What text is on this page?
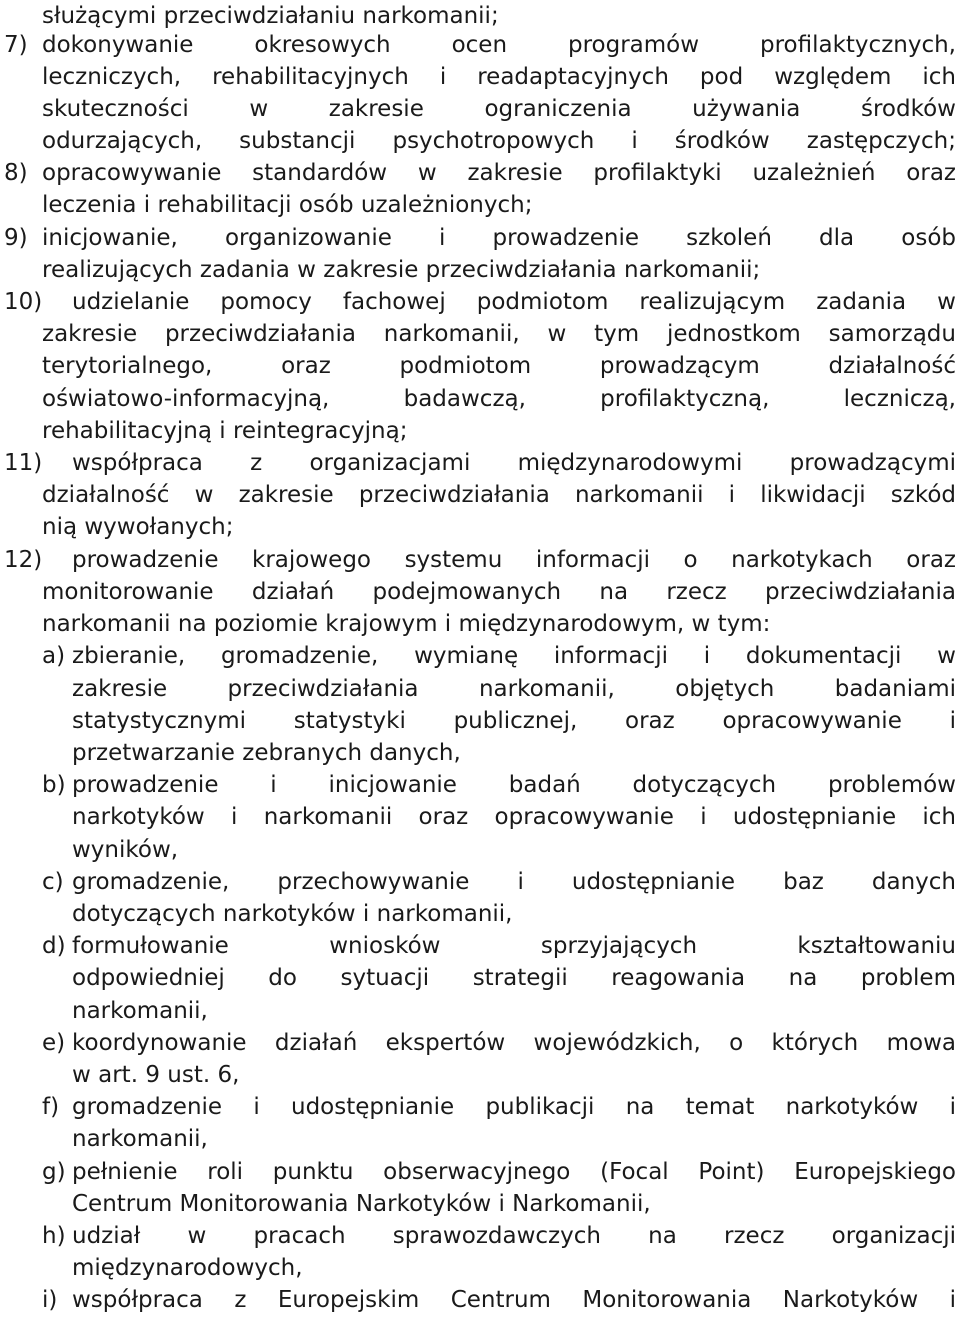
służącymi przeciwdziałaniu narkomanii;
7) dokonywanie okresowych ocen programów profilaktycznych,
leczniczych, rehabilitacyjnych i readaptacyjnych pod względem ich
skuteczności w zakresie ograniczenia używania środków
odurzających, substancji psychotropowych i środków zastępczych;
8) opracowywanie standardów w zakresie profilaktyki uzależnień oraz
leczenia i rehabilitacji osób uzależnionych;
9) inicjowanie, organizowanie i prowadzenie szkoleń dla osób
realizujących zadania w zakresie przeciwdziałania narkomanii;
10) udzielanie pomocy fachowej podmiotom realizującym zadania w
zakresie przeciwdziałania narkomanii, w tym jednostkom samorządu
terytorialnego, oraz podmiotom prowadzącym działalność
oświatowo-informacyjną, badawczą, profilaktyczną, leczniczą,
rehabilitacyjną i reintegracyjną;
11) współpraca z organizacjami międzynarodowymi prowadzącymi
działalność w zakresie przeciwdziałania narkomanii i likwidacji szkód
nią wywołanych;
12) prowadzenie krajowego systemu informacji o narkotykach oraz
monitorowanie działań podejmowanych na rzecz przeciwdziałania
narkomanii na poziomie krajowym i międzynarodowym, w tym:
a) zbieranie, gromadzenie, wymianę informacji i dokumentacji w
zakresie przeciwdziałania narkomanii, objętych badaniami
statystycznymi statystyki publicznej, oraz opracowywanie i
przetwarzanie zebranych danych,
b) prowadzenie i inicjowanie badań dotyczących problemów
narkotyków i narkomanii oraz opracowywanie i udostępnianie ich
wyników,
c) gromadzenie, przechowywanie i udostępnianie baz danych
dotyczących narkotyków i narkomanii,
d) formułowanie wniosków sprzyjających kształtowaniu
odpowiedniej do sytuacji strategii reagowania na problem
narkomanii,
e) koordynowanie działań ekspertów wojewódzkich, o których mowa
w art. 9 ust. 6,
f) gromadzenie i udostępnianie publikacji na temat narkotyków i
narkomanii,
g) pełnienie roli punktu obserwacyjnego (Focal Point) Europejskiego
Centrum Monitorowania Narkotyków i Narkomanii,
h) udział w pracach sprawozdawczych na rzecz organizacji
międzynarodowych,
i) współpraca z Europejskim Centrum Monitorowania Narkotyków i
